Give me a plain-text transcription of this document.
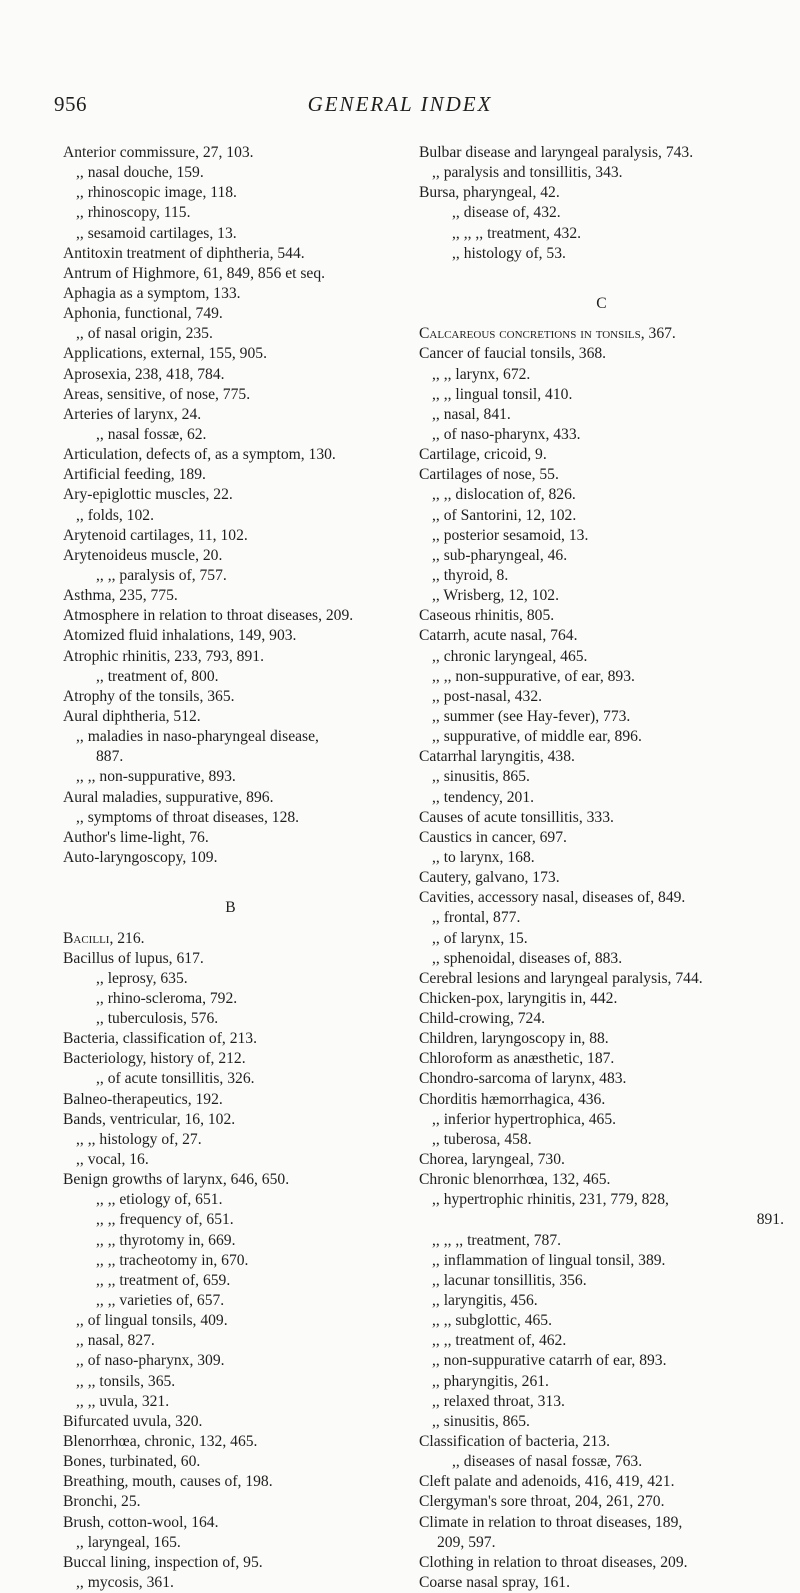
956	GENERAL INDEX
Anterior commissure, 27, 103.
,, nasal douche, 159.
,, rhinoscopic image, 118.
,, rhinoscopy, 115.
,, sesamoid cartilages, 13.
Antitoxin treatment of diphtheria, 544.
Antrum of Highmore, 61, 849, 856 et seq.
Aphagia as a symptom, 133.
Aphonia, functional, 749.
,, of nasal origin, 235.
Applications, external, 155, 905.
Aprosexia, 238, 418, 784.
Areas, sensitive, of nose, 775.
Arteries of larynx, 24.
,, nasal fossæ, 62.
Articulation, defects of, as a symptom, 130.
Artificial feeding, 189.
Ary-epiglottic muscles, 22.
,, folds, 102.
Arytenoid cartilages, 11, 102.
Arytenoideus muscle, 20.
,, ,, paralysis of, 757.
Asthma, 235, 775.
Atmosphere in relation to throat diseases, 209.
Atomized fluid inhalations, 149, 903.
Atrophic rhinitis, 233, 793, 891.
,, treatment of, 800.
Atrophy of the tonsils, 365.
Aural diphtheria, 512.
,, maladies in naso-pharyngeal disease,
887.
,, ,, non-suppurative, 893.
Aural maladies, suppurative, 896.
,, symptoms of throat diseases, 128.
Author's lime-light, 76.
Auto-laryngoscopy, 109.
B
Bacilli, 216.
Bacillus of lupus, 617.
,, leprosy, 635.
,, rhino-scleroma, 792.
,, tuberculosis, 576.
Bacteria, classification of, 213.
Bacteriology, history of, 212.
,, of acute tonsillitis, 326.
Balneo-therapeutics, 192.
Bands, ventricular, 16, 102.
,, ,, histology of, 27.
,, vocal, 16.
Benign growths of larynx, 646, 650.
,, ,, etiology of, 651.
,, ,, frequency of, 651.
,, ,, thyrotomy in, 669.
,, ,, tracheotomy in, 670.
,, ,, treatment of, 659.
,, ,, varieties of, 657.
,, of lingual tonsils, 409.
,, nasal, 827.
,, of naso-pharynx, 309.
,, ,, tonsils, 365.
,, ,, uvula, 321.
Bifurcated uvula, 320.
Blenorrhœa, chronic, 132, 465.
Bones, turbinated, 60.
Breathing, mouth, causes of, 198.
Bronchi, 25.
Brush, cotton-wool, 164.
,, laryngeal, 165.
Buccal lining, inspection of, 95.
,, mycosis, 361.
Bulbar disease and laryngeal paralysis, 743.
,, paralysis and tonsillitis, 343.
Bursa, pharyngeal, 42.
,, disease of, 432.
,, ,, ,, treatment, 432.
,, histology of, 53.
C
Calcareous concretions in tonsils, 367.
Cancer of faucial tonsils, 368.
,, ,, larynx, 672.
,, ,, lingual tonsil, 410.
,, nasal, 841.
,, of naso-pharynx, 433.
Cartilage, cricoid, 9.
Cartilages of nose, 55.
,, ,, dislocation of, 826.
,, of Santorini, 12, 102.
,, posterior sesamoid, 13.
,, sub-pharyngeal, 46.
,, thyroid, 8.
,, Wrisberg, 12, 102.
Caseous rhinitis, 805.
Catarrh, acute nasal, 764.
,, chronic laryngeal, 465.
,, ,, non-suppurative, of ear, 893.
,, post-nasal, 432.
,, summer (see Hay-fever), 773.
,, suppurative, of middle ear, 896.
Catarrhal laryngitis, 438.
,, sinusitis, 865.
,, tendency, 201.
Causes of acute tonsillitis, 333.
Caustics in cancer, 697.
,, to larynx, 168.
Cautery, galvano, 173.
Cavities, accessory nasal, diseases of, 849.
,, frontal, 877.
,, of larynx, 15.
,, sphenoidal, diseases of, 883.
Cerebral lesions and laryngeal paralysis, 744.
Chicken-pox, laryngitis in, 442.
Child-crowing, 724.
Children, laryngoscopy in, 88.
Chloroform as anæsthetic, 187.
Chondro-sarcoma of larynx, 483.
Chorditis hæmorrhagica, 436.
,, inferior hypertrophica, 465.
,, tuberosa, 458.
Chorea, laryngeal, 730.
Chronic blenorrhœa, 132, 465.
,, hypertrophic rhinitis, 231, 779, 828,
891.
,, ,, ,, treatment, 787.
,, inflammation of lingual tonsil, 389.
,, lacunar tonsillitis, 356.
,, laryngitis, 456.
,, ,, subglottic, 465.
,, ,, treatment of, 462.
,, non-suppurative catarrh of ear, 893.
,, pharyngitis, 261.
,, relaxed throat, 313.
,, sinusitis, 865.
Classification of bacteria, 213.
,, diseases of nasal fossæ, 763.
Cleft palate and adenoids, 416, 419, 421.
Clergyman's sore throat, 204, 261, 270.
Climate in relation to throat diseases, 189,
209, 597.
Clothing in relation to throat diseases, 209.
Coarse nasal spray, 161.
